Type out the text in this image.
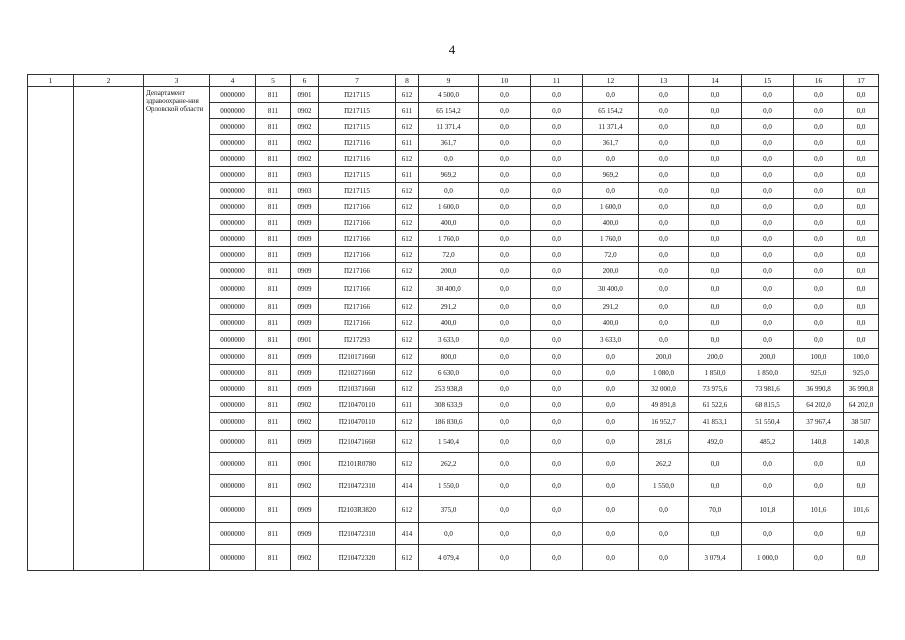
4
1	2	3	4	5	6	7	8	9	10	11	12	13	14	15	16	17
		Департамент здравоохране-ния Орловской области	0000000	811	0901	П217115	612	4 500,0	0,0	0,0	0,0	0,0	0,0	0,0	0,0	0,0
			0000000	811	0902	П217115	611	65 154,2	0,0	0,0	65 154,2	0,0	0,0	0,0	0,0	0,0
			0000000	811	0902	П217115	612	11 371,4	0,0	0,0	11 371,4	0,0	0,0	0,0	0,0	0,0
			0000000	811	0902	П217116	611	361,7	0,0	0,0	361,7	0,0	0,0	0,0	0,0	0,0
			0000000	811	0902	П217116	612	0,0	0,0	0,0	0,0	0,0	0,0	0,0	0,0	0,0
			0000000	811	0903	П217115	611	969,2	0,0	0,0	969,2	0,0	0,0	0,0	0,0	0,0
			0000000	811	0903	П217115	612	0,0	0,0	0,0	0,0	0,0	0,0	0,0	0,0	0,0
			0000000	811	0909	П217166	612	1 600,0	0,0	0,0	1 600,0	0,0	0,0	0,0	0,0	0,0
			0000000	811	0909	П217166	612	400,0	0,0	0,0	400,0	0,0	0,0	0,0	0,0	0,0
			0000000	811	0909	П217166	612	1 760,0	0,0	0,0	1 760,0	0,0	0,0	0,0	0,0	0,0
			0000000	811	0909	П217166	612	72,0	0,0	0,0	72,0	0,0	0,0	0,0	0,0	0,0
			0000000	811	0909	П217166	612	200,0	0,0	0,0	200,0	0,0	0,0	0,0	0,0	0,0
			0000000	811	0909	П217166	612	30 400,0	0,0	0,0	30 400,0	0,0	0,0	0,0	0,0	0,0
			0000000	811	0909	П217166	612	291,2	0,0	0,0	291,2	0,0	0,0	0,0	0,0	0,0
			0000000	811	0909	П217166	612	400,0	0,0	0,0	400,0	0,0	0,0	0,0	0,0	0,0
			0000000	811	0901	П217293	612	3 633,0	0,0	0,0	3 633,0	0,0	0,0	0,0	0,0	0,0
			0000000	811	0909	П210171660	612	800,0	0,0	0,0	0,0	200,0	200,0	200,0	100,0	100,0
			0000000	811	0909	П210271660	612	6 630,0	0,0	0,0	0,0	1 080,0	1 850,0	1 850,0	925,0	925,0
			0000000	811	0909	П210371660	612	253 938,8	0,0	0,0	0,0	32 000,0	73 975,6	73 981,6	36 990,8	36 990,8
			0000000	811	0902	П210470110	611	308 633,9	0,0	0,0	0,0	49 891,8	61 522,6	68 815,5	64 202,0	64 202,0
			0000000	811	0902	П210470110	612	186 830,6	0,0	0,0	0,0	16 952,7	41 853,1	51 550,4	37 967,4	38 507
			0000000	811	0909	П210471660	612	1 540,4	0,0	0,0	0,0	281,6	492,0	485,2	140,8	140,8
			0000000	811	0901	П2101R0780	612	262,2	0,0	0,0	0,0	262,2	0,0	0,0	0,0	0,0
			0000000	811	0902	П210472310	414	1 550,0	0,0	0,0	0,0	1 550,0	0,0	0,0	0,0	0,0
			0000000	811	0909	П2103R3820	612	375,0	0,0	0,0	0,0	0,0	70,0	101,8	101,6	101,6
			0000000	811	0909	П210472310	414	0,0	0,0	0,0	0,0	0,0	0,0	0,0	0,0	0,0
			0000000	811	0902	П210472320	612	4 079,4	0,0	0,0	0,0	0,0	3 079,4	1 000,0	0,0	0,0
